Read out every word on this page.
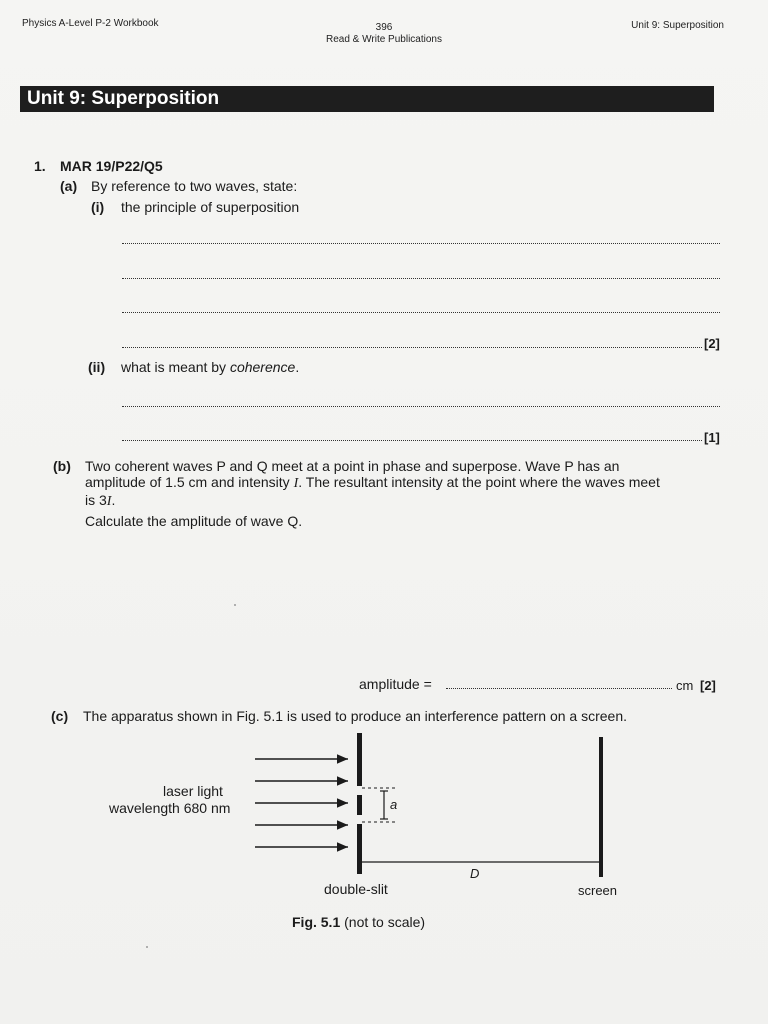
Physics A-Level P-2 Workbook	396
Read & Write Publications
Unit 9: Superposition
Unit 9: Superposition
1. MAR 19/P22/Q5
(a) By reference to two waves, state:
(i) the principle of superposition
[2]
(ii) what is meant by coherence.
[1]
(b) Two coherent waves P and Q meet at a point in phase and superpose. Wave P has an
amplitude of 1.5 cm and intensity I. The resultant intensity at the point where the waves meet
is 3I.
Calculate the amplitude of wave Q.
amplitude =	cm [2]
(c) The apparatus shown in Fig. 5.1 is used to produce an interference pattern on a screen.
laser light
wavelength 680 nm	a
D
double-slit	screen
Fig. 5.1 (not to scale)
